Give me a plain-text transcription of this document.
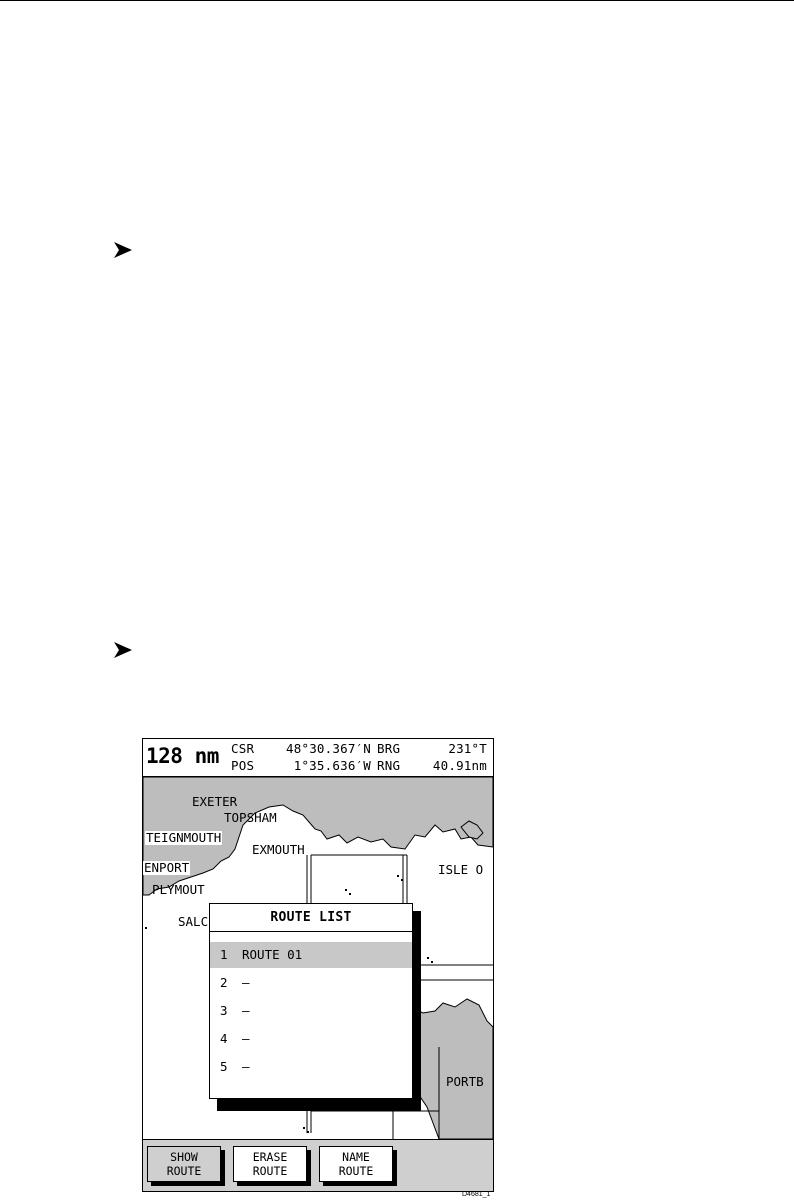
128 nm CSR	48°30.367′N BRG	231°T
POS	1°35.636′W RNG	40.91nm
EXETER
TOPSHAM
TEIGNMOUTH
EXMOUTH
ENPORT
PLYMOUT
SALC
ISLE O
PORTB
ROUTE LIST
1 ROUTE 01
2 –
3 –
4 –
5 –
SHOW
ROUTE
ERASE
ROUTE
NAME
ROUTE
D4681_1
